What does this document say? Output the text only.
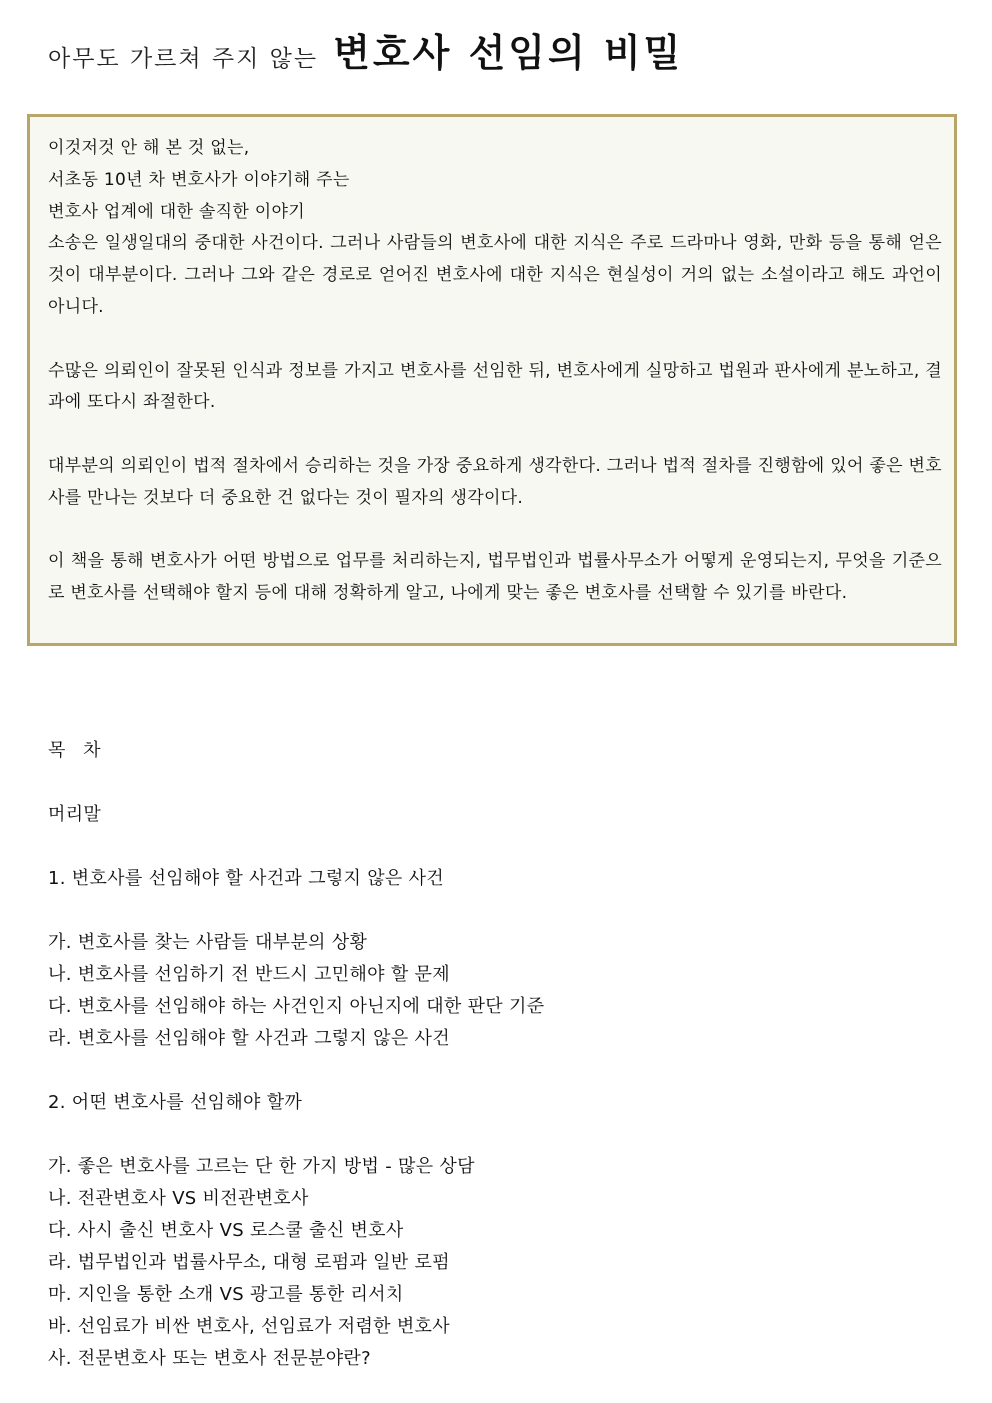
아무도 가르쳐 주지 않는 변호사 선임의 비밀
이것저것 안 해 본 것 없는,
서초동 10년 차 변호사가 이야기해 주는
변호사 업계에 대한 솔직한 이야기

소송은 일생일대의 중대한 사건이다. 그러나 사람들의 변호사에 대한 지식은 주로 드라마나 영화, 만화 등을 통해 얻은 것이 대부분이다. 그러나 그와 같은 경로로 얻어진 변호사에 대한 지식은 현실성이 거의 없는 소설이라고 해도 과언이 아니다.

수많은 의뢰인이 잘못된 인식과 정보를 가지고 변호사를 선임한 뒤, 변호사에게 실망하고 법원과 판사에게 분노하고, 결과에 또다시 좌절한다.

대부분의 의뢰인이 법적 절차에서 승리하는 것을 가장 중요하게 생각한다. 그러나 법적 절차를 진행함에 있어 좋은 변호사를 만나는 것보다 더 중요한 건 없다는 것이 필자의 생각이다.

이 책을 통해 변호사가 어떤 방법으로 업무를 처리하는지, 법무법인과 법률사무소가 어떻게 운영되는지, 무엇을 기준으로 변호사를 선택해야 할지 등에 대해 정확하게 알고, 나에게 맞는 좋은 변호사를 선택할 수 있기를 바란다.

목 차
머리말
1. 변호사를 선임해야 할 사건과 그렇지 않은 사건
가. 변호사를 찾는 사람들 대부분의 상황
나. 변호사를 선임하기 전 반드시 고민해야 할 문제
다. 변호사를 선임해야 하는 사건인지 아닌지에 대한 판단 기준
라. 변호사를 선임해야 할 사건과 그렇지 않은 사건
2. 어떤 변호사를 선임해야 할까
가. 좋은 변호사를 고르는 단 한 가지 방법 - 많은 상담
나. 전관변호사 VS 비전관변호사
다. 사시 출신 변호사 VS 로스쿨 출신 변호사
라. 법무법인과 법률사무소, 대형 로펌과 일반 로펌
마. 지인을 통한 소개 VS 광고를 통한 리서치
바. 선임료가 비싼 변호사, 선임료가 저렴한 변호사
사. 전문변호사 또는 변호사 전문분야란?
